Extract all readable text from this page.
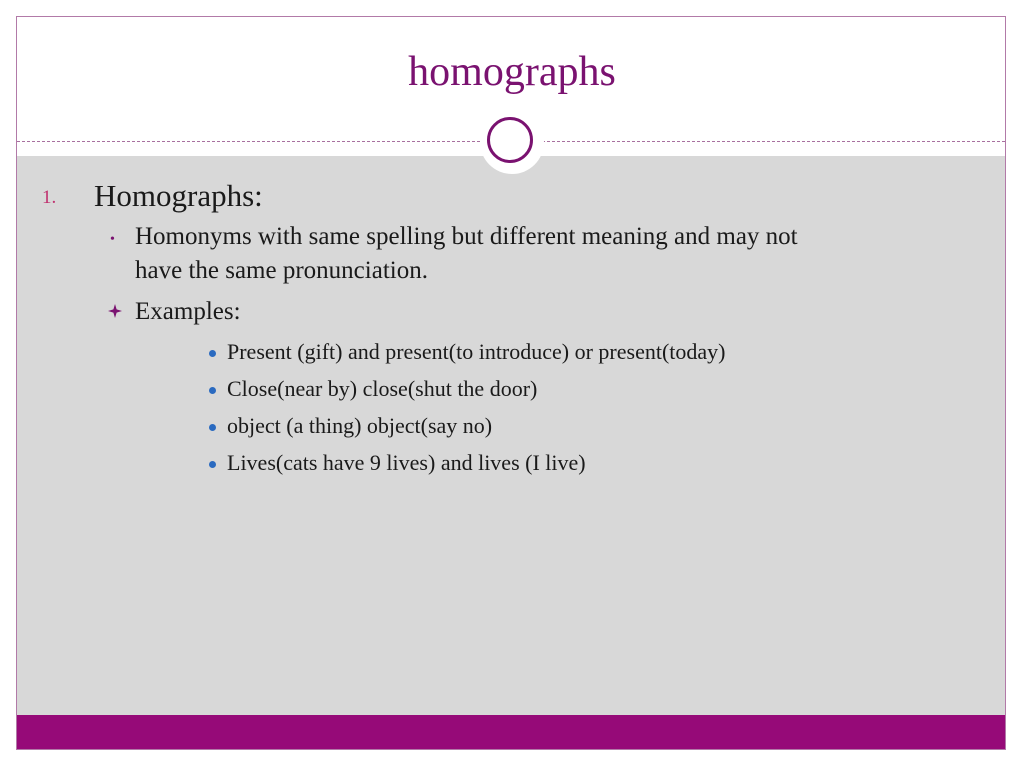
homographs
1. Homographs:
• Homonyms with same spelling but different meaning and may not
have the same pronunciation.
Examples:
Present (gift) and present(to introduce) or present(today)
Close(near by) close(shut the door)
object (a thing) object(say no)
Lives(cats have 9 lives) and lives (I live)
